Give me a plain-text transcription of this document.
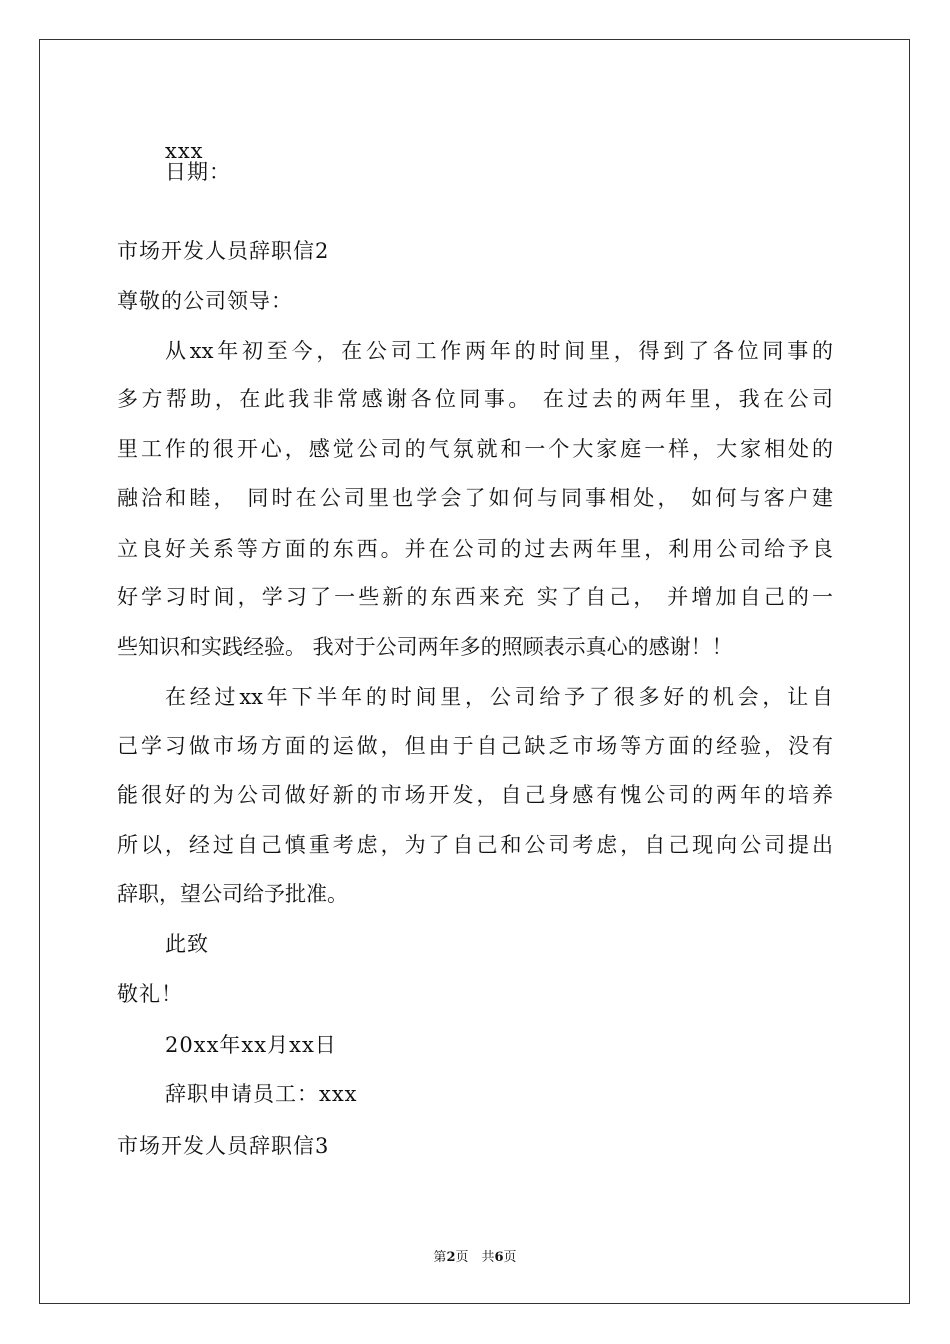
xxx
日期：
市场开发人员辞职信2
尊敬的公司领导：
从xx年初至今，在公司工作两年的时间里，得到了各位同事的
多方帮助，在此我非常感谢各位同事。 在过去的两年里，我在公司
里工作的很开心，感觉公司的气氛就和一个大家庭一样，大家相处的
融洽和睦， 同时在公司里也学会了如何与同事相处， 如何与客户建
立良好关系等方面的东西。并在公司的过去两年里，利用公司给予良
好学习时间，学习了一些新的东西来充 实了自己， 并增加自己的一
些知识和实践经验。 我对于公司两年多的照顾表示真心的感谢！！
在经过xx年下半年的时间里，公司给予了很多好的机会，让自
己学习做市场方面的运做，但由于自己缺乏市场等方面的经验，没有
能很好的为公司做好新的市场开发，自己身感有愧公司的两年的培养
所以，经过自己慎重考虑，为了自己和公司考虑，自己现向公司提出
辞职，望公司给予批准。
此致
敬礼！
20xx年xx月xx日
辞职申请员工：xxx
市场开发人员辞职信3
第2页　共6页
